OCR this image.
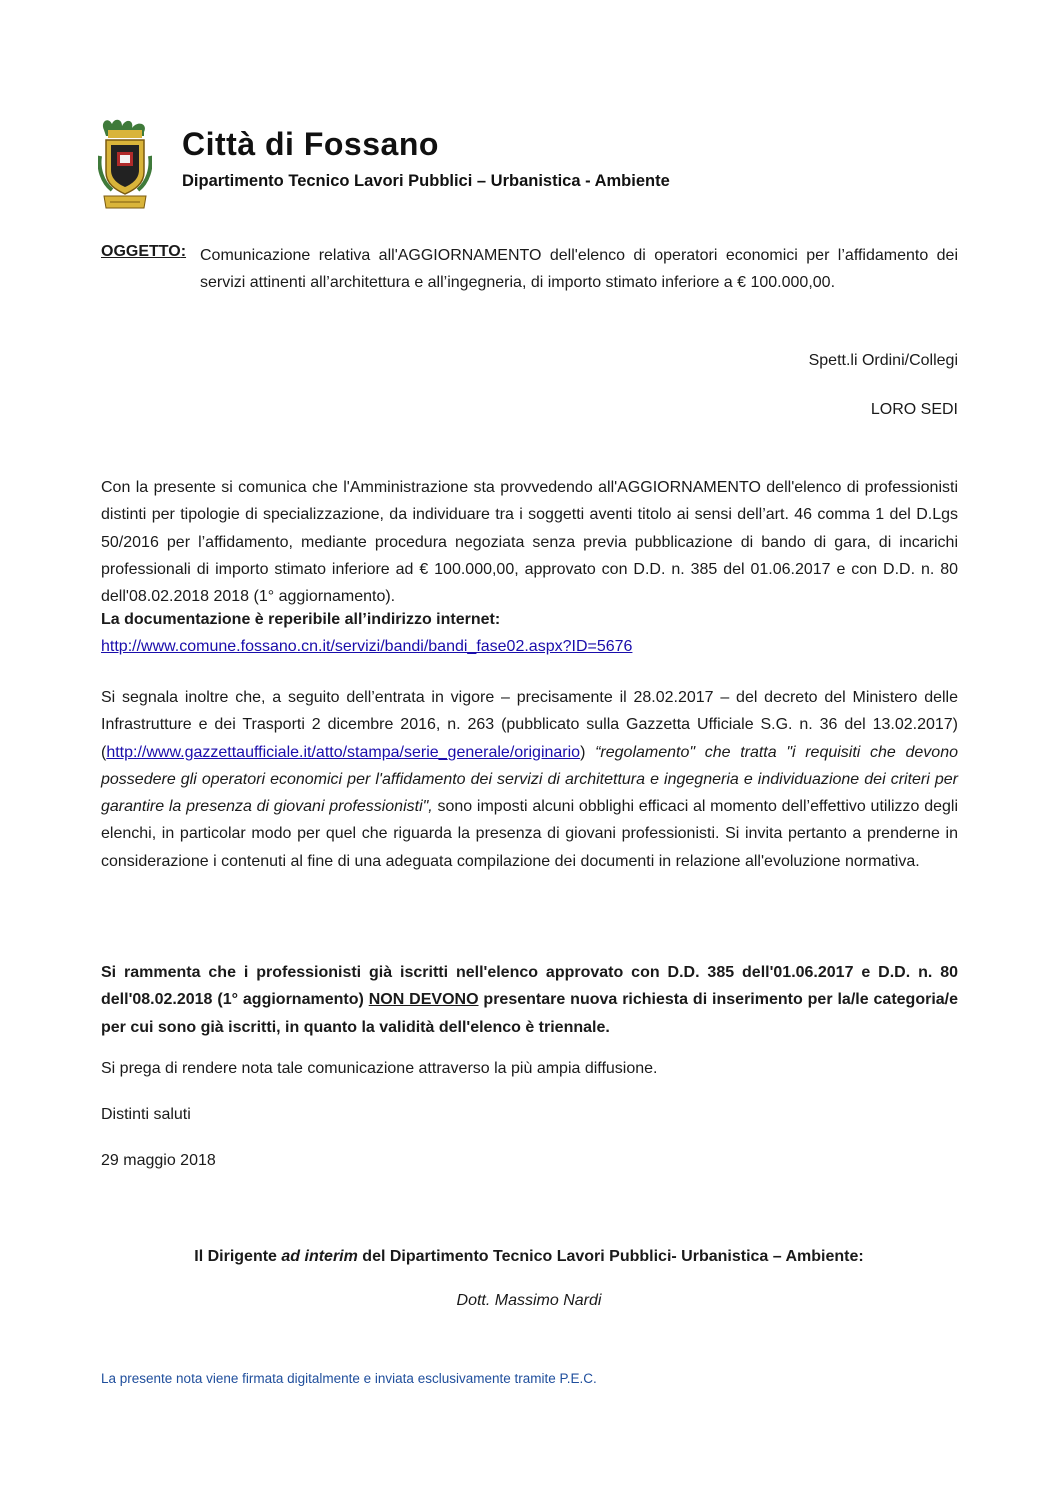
Città di Fossano
Dipartimento Tecnico Lavori Pubblici – Urbanistica - Ambiente
OGGETTO: Comunicazione relativa all'AGGIORNAMENTO dell'elenco di operatori economici per l’affidamento dei servizi attinenti all’architettura e all’ingegneria, di importo stimato inferiore a € 100.000,00.
Spett.li Ordini/Collegi
LORO SEDI
Con la presente si comunica che l'Amministrazione sta provvedendo all'AGGIORNAMENTO dell'elenco di professionisti distinti per tipologie di specializzazione, da individuare tra i soggetti aventi titolo ai sensi dell’art. 46 comma 1 del D.Lgs 50/2016 per l’affidamento, mediante procedura negoziata senza previa pubblicazione di bando di gara, di incarichi professionali di importo stimato inferiore ad € 100.000,00, approvato con D.D. n. 385 del 01.06.2017 e con D.D. n. 80 dell'08.02.2018 2018 (1° aggiornamento).
La documentazione è reperibile all’indirizzo internet:
http://www.comune.fossano.cn.it/servizi/bandi/bandi_fase02.aspx?ID=5676
Si segnala inoltre che, a seguito dell’entrata in vigore – precisamente il 28.02.2017 – del decreto del Ministero delle Infrastrutture e dei Trasporti 2 dicembre 2016, n. 263 (pubblicato sulla Gazzetta Ufficiale S.G. n. 36 del 13.02.2017) (http://www.gazzettaufficiale.it/atto/stampa/serie_generale/originario) “regolamento" che tratta "i requisiti che devono possedere gli operatori economici per l'affidamento dei servizi di architettura e ingegneria e individuazione dei criteri per garantire la presenza di giovani professionisti", sono imposti alcuni obblighi efficaci al momento dell’effettivo utilizzo degli elenchi, in particolar modo per quel che riguarda la presenza di giovani professionisti. Si invita pertanto a prenderne in considerazione i contenuti al fine di una adeguata compilazione dei documenti in relazione all'evoluzione normativa.
Si rammenta che i professionisti già iscritti nell'elenco approvato con D.D. 385 dell'01.06.2017 e D.D. n. 80 dell'08.02.2018 (1° aggiornamento) NON DEVONO presentare nuova richiesta di inserimento per la/le categoria/e per cui sono già iscritti, in quanto la validità dell'elenco è triennale.
Si prega di rendere nota tale comunicazione attraverso la più ampia diffusione.
Distinti saluti
29 maggio 2018
Il Dirigente ad interim del Dipartimento Tecnico Lavori Pubblici- Urbanistica – Ambiente:
Dott. Massimo Nardi
La presente nota viene firmata digitalmente e inviata esclusivamente tramite P.E.C.
